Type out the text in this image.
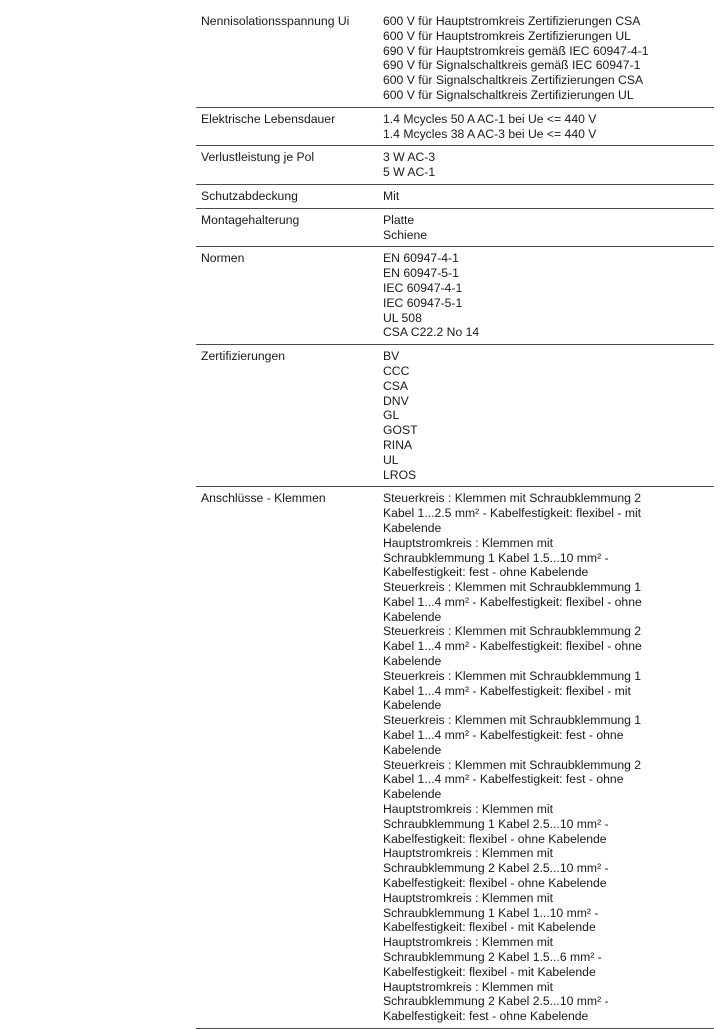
Nennisolationsspannung Ui	600 V für Hauptstromkreis Zertifizierungen CSA
600 V für Hauptstromkreis Zertifizierungen UL
690 V für Hauptstromkreis gemäß IEC 60947-4-1
690 V für Signalschaltkreis gemäß IEC 60947-1
600 V für Signalschaltkreis Zertifizierungen CSA
600 V für Signalschaltkreis Zertifizierungen UL
Elektrische Lebensdauer	1.4 Mcycles 50 A AC-1 bei Ue <= 440 V
1.4 Mcycles 38 A AC-3 bei Ue <= 440 V
Verlustleistung je Pol	3 W AC-3
5 W AC-1
Schutzabdeckung	Mit
Montagehalterung	Platte
Schiene
Normen	EN 60947-4-1
EN 60947-5-1
IEC 60947-4-1
IEC 60947-5-1
UL 508
CSA C22.2 No 14
Zertifizierungen	BV
CCC
CSA
DNV
GL
GOST
RINA
UL
LROS
Anschlüsse - Klemmen	Steuerkreis : Klemmen mit Schraubklemmung 2 Kabel 1...2.5 mm² - Kabelfestigkeit: flexibel - mit Kabelende
Hauptstromkreis : Klemmen mit Schraubklemmung 1 Kabel 1.5...10 mm² - Kabelfestigkeit: fest - ohne Kabelende
Steuerkreis : Klemmen mit Schraubklemmung 1 Kabel 1...4 mm² - Kabelfestigkeit: flexibel - ohne Kabelende
Steuerkreis : Klemmen mit Schraubklemmung 2 Kabel 1...4 mm² - Kabelfestigkeit: flexibel - ohne Kabelende
Steuerkreis : Klemmen mit Schraubklemmung 1 Kabel 1...4 mm² - Kabelfestigkeit: flexibel - mit Kabelende
Steuerkreis : Klemmen mit Schraubklemmung 1 Kabel 1...4 mm² - Kabelfestigkeit: fest - ohne Kabelende
Steuerkreis : Klemmen mit Schraubklemmung 2 Kabel 1...4 mm² - Kabelfestigkeit: fest - ohne Kabelende
Hauptstromkreis : Klemmen mit Schraubklemmung 1 Kabel 2.5...10 mm² - Kabelfestigkeit: flexibel - ohne Kabelende
Hauptstromkreis : Klemmen mit Schraubklemmung 2 Kabel 2.5...10 mm² - Kabelfestigkeit: flexibel - ohne Kabelende
Hauptstromkreis : Klemmen mit Schraubklemmung 1 Kabel 1...10 mm² - Kabelfestigkeit: flexibel - mit Kabelende
Hauptstromkreis : Klemmen mit Schraubklemmung 2 Kabel 1.5...6 mm² - Kabelfestigkeit: flexibel - mit Kabelende
Hauptstromkreis : Klemmen mit Schraubklemmung 2 Kabel 2.5...10 mm² - Kabelfestigkeit: fest - ohne Kabelende
